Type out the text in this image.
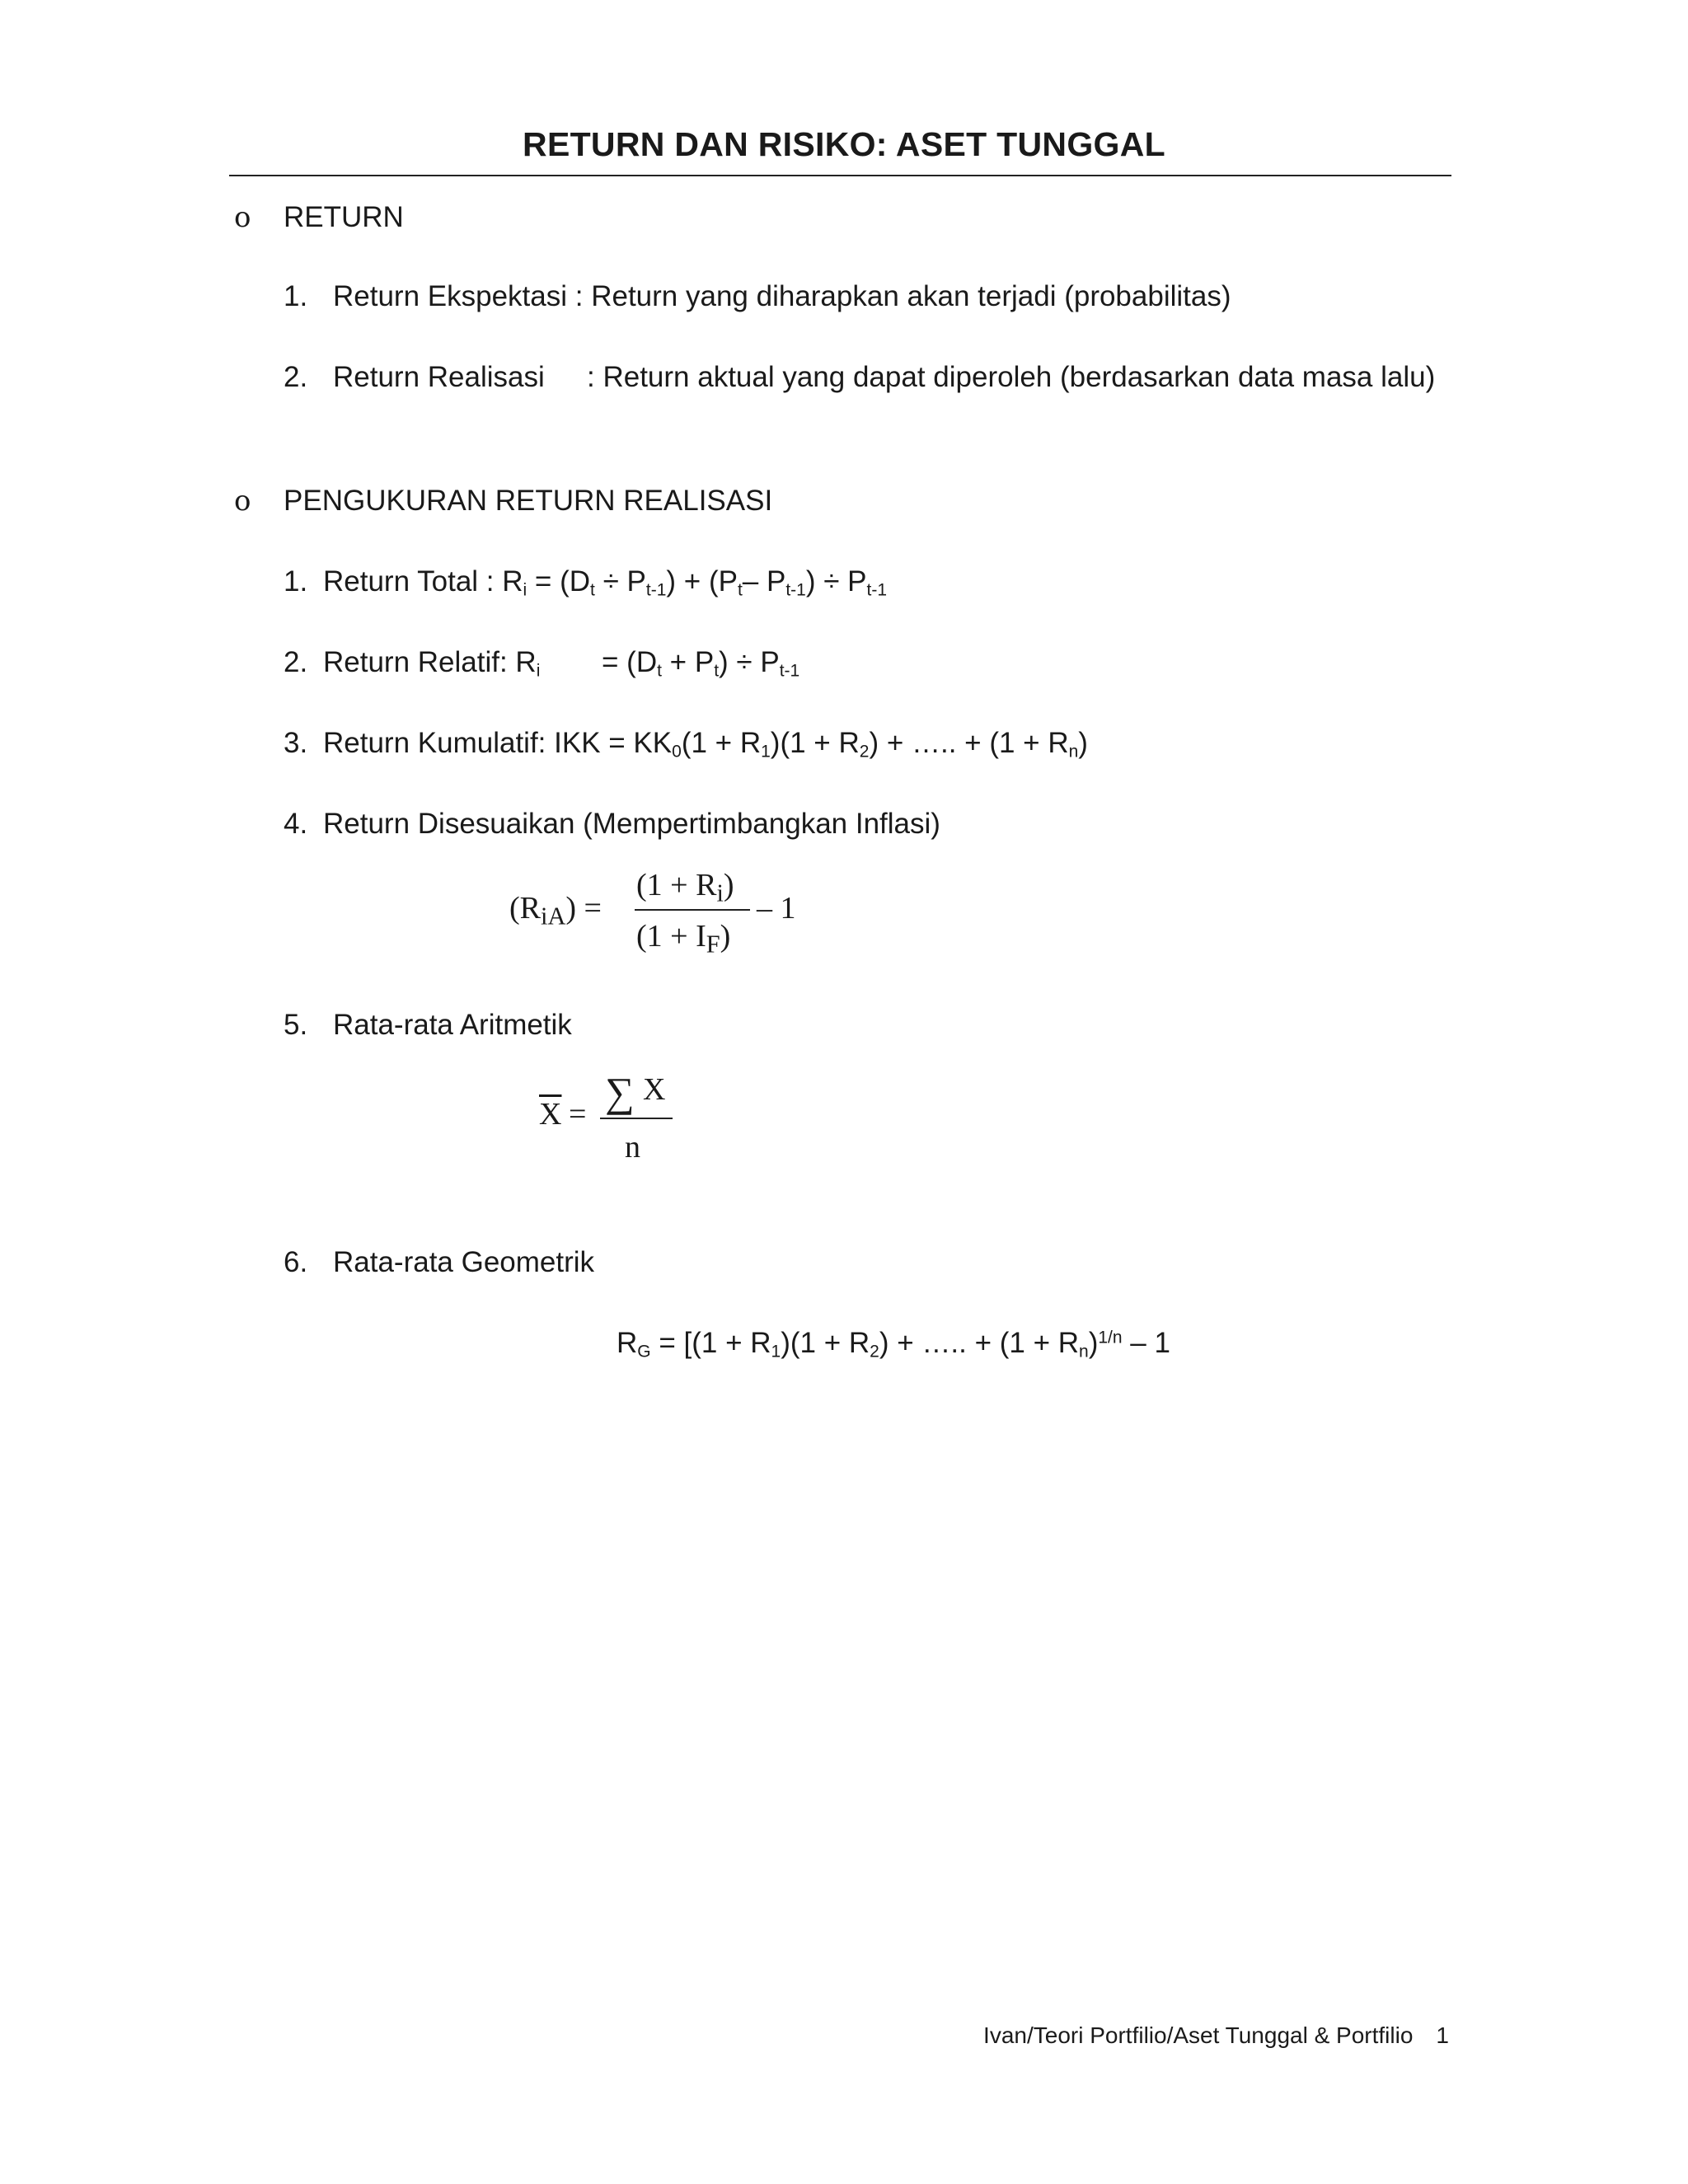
RETURN DAN RISIKO: ASET TUNGGAL
o RETURN
1. Return Ekspektasi : Return yang diharapkan akan terjadi (probabilitas)
2. Return Realisasi : Return aktual yang dapat diperoleh (berdasarkan data masa lalu)
o PENGUKURAN RETURN REALISASI
1. Return Total : $R_i = (D_t \div P_{t-1}) + (P_t-$ $P_{t-1}) \div P_{t-1}$
2. Return Relatif: $R_i = (D_t + P_t) \div P_{t-1}$
3. Return Kumulatif: IKK = $KK_0(1 + R_1)(1 + R_2)$ + ….. + $(1 + R_n)$
4. Return Disesuaikan (Mempertimbangkan Inflasi)
$(R_{iA})$ =
$(1 + R_i)$
$(1 + I_F)$
– 1
5. Rata-rata Aritmetik
$\overline{X}$ = ∑ X
n
6. Rata-rata Geometrik
$R_G = [(1 + R_1)(1 + R_2)$ + ….. + $(1 + R_n)^{1/n} - 1$
Ivan/Teori Portfilio/Aset Tunggal & Portfilio 1
